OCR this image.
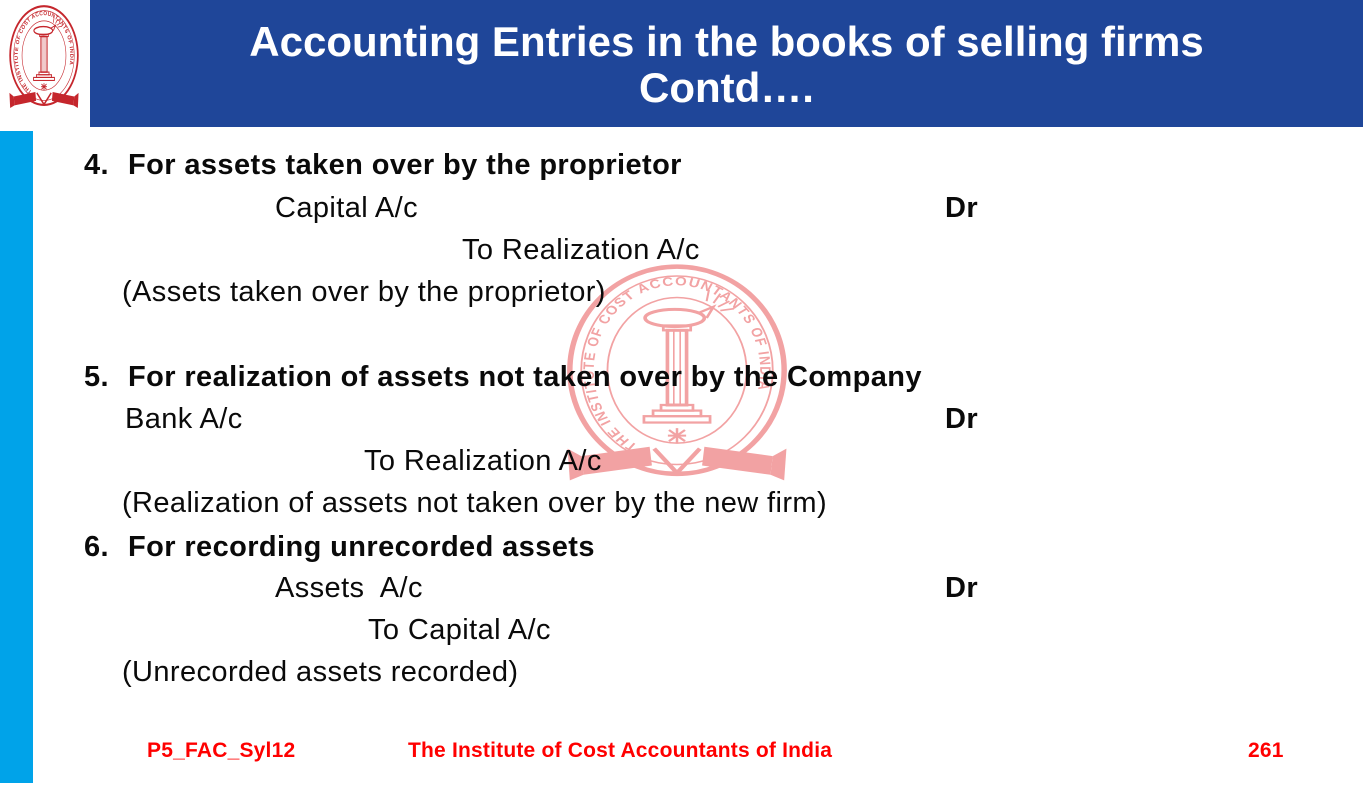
Accounting Entries in the books of selling firms
Contd….
4. For assets taken over by the proprietor
Capital A/c	Dr
To Realization A/c
(Assets taken over by the proprietor)
5. For realization of assets not taken over by the Company
Bank A/c	Dr
To Realization A/c
(Realization of assets not taken over by the new firm)
6. For recording unrecorded assets
Assets  A/c	Dr
To Capital A/c
(Unrecorded assets recorded)
P5_FAC_Syl12	The Institute of Cost Accountants of India	261
